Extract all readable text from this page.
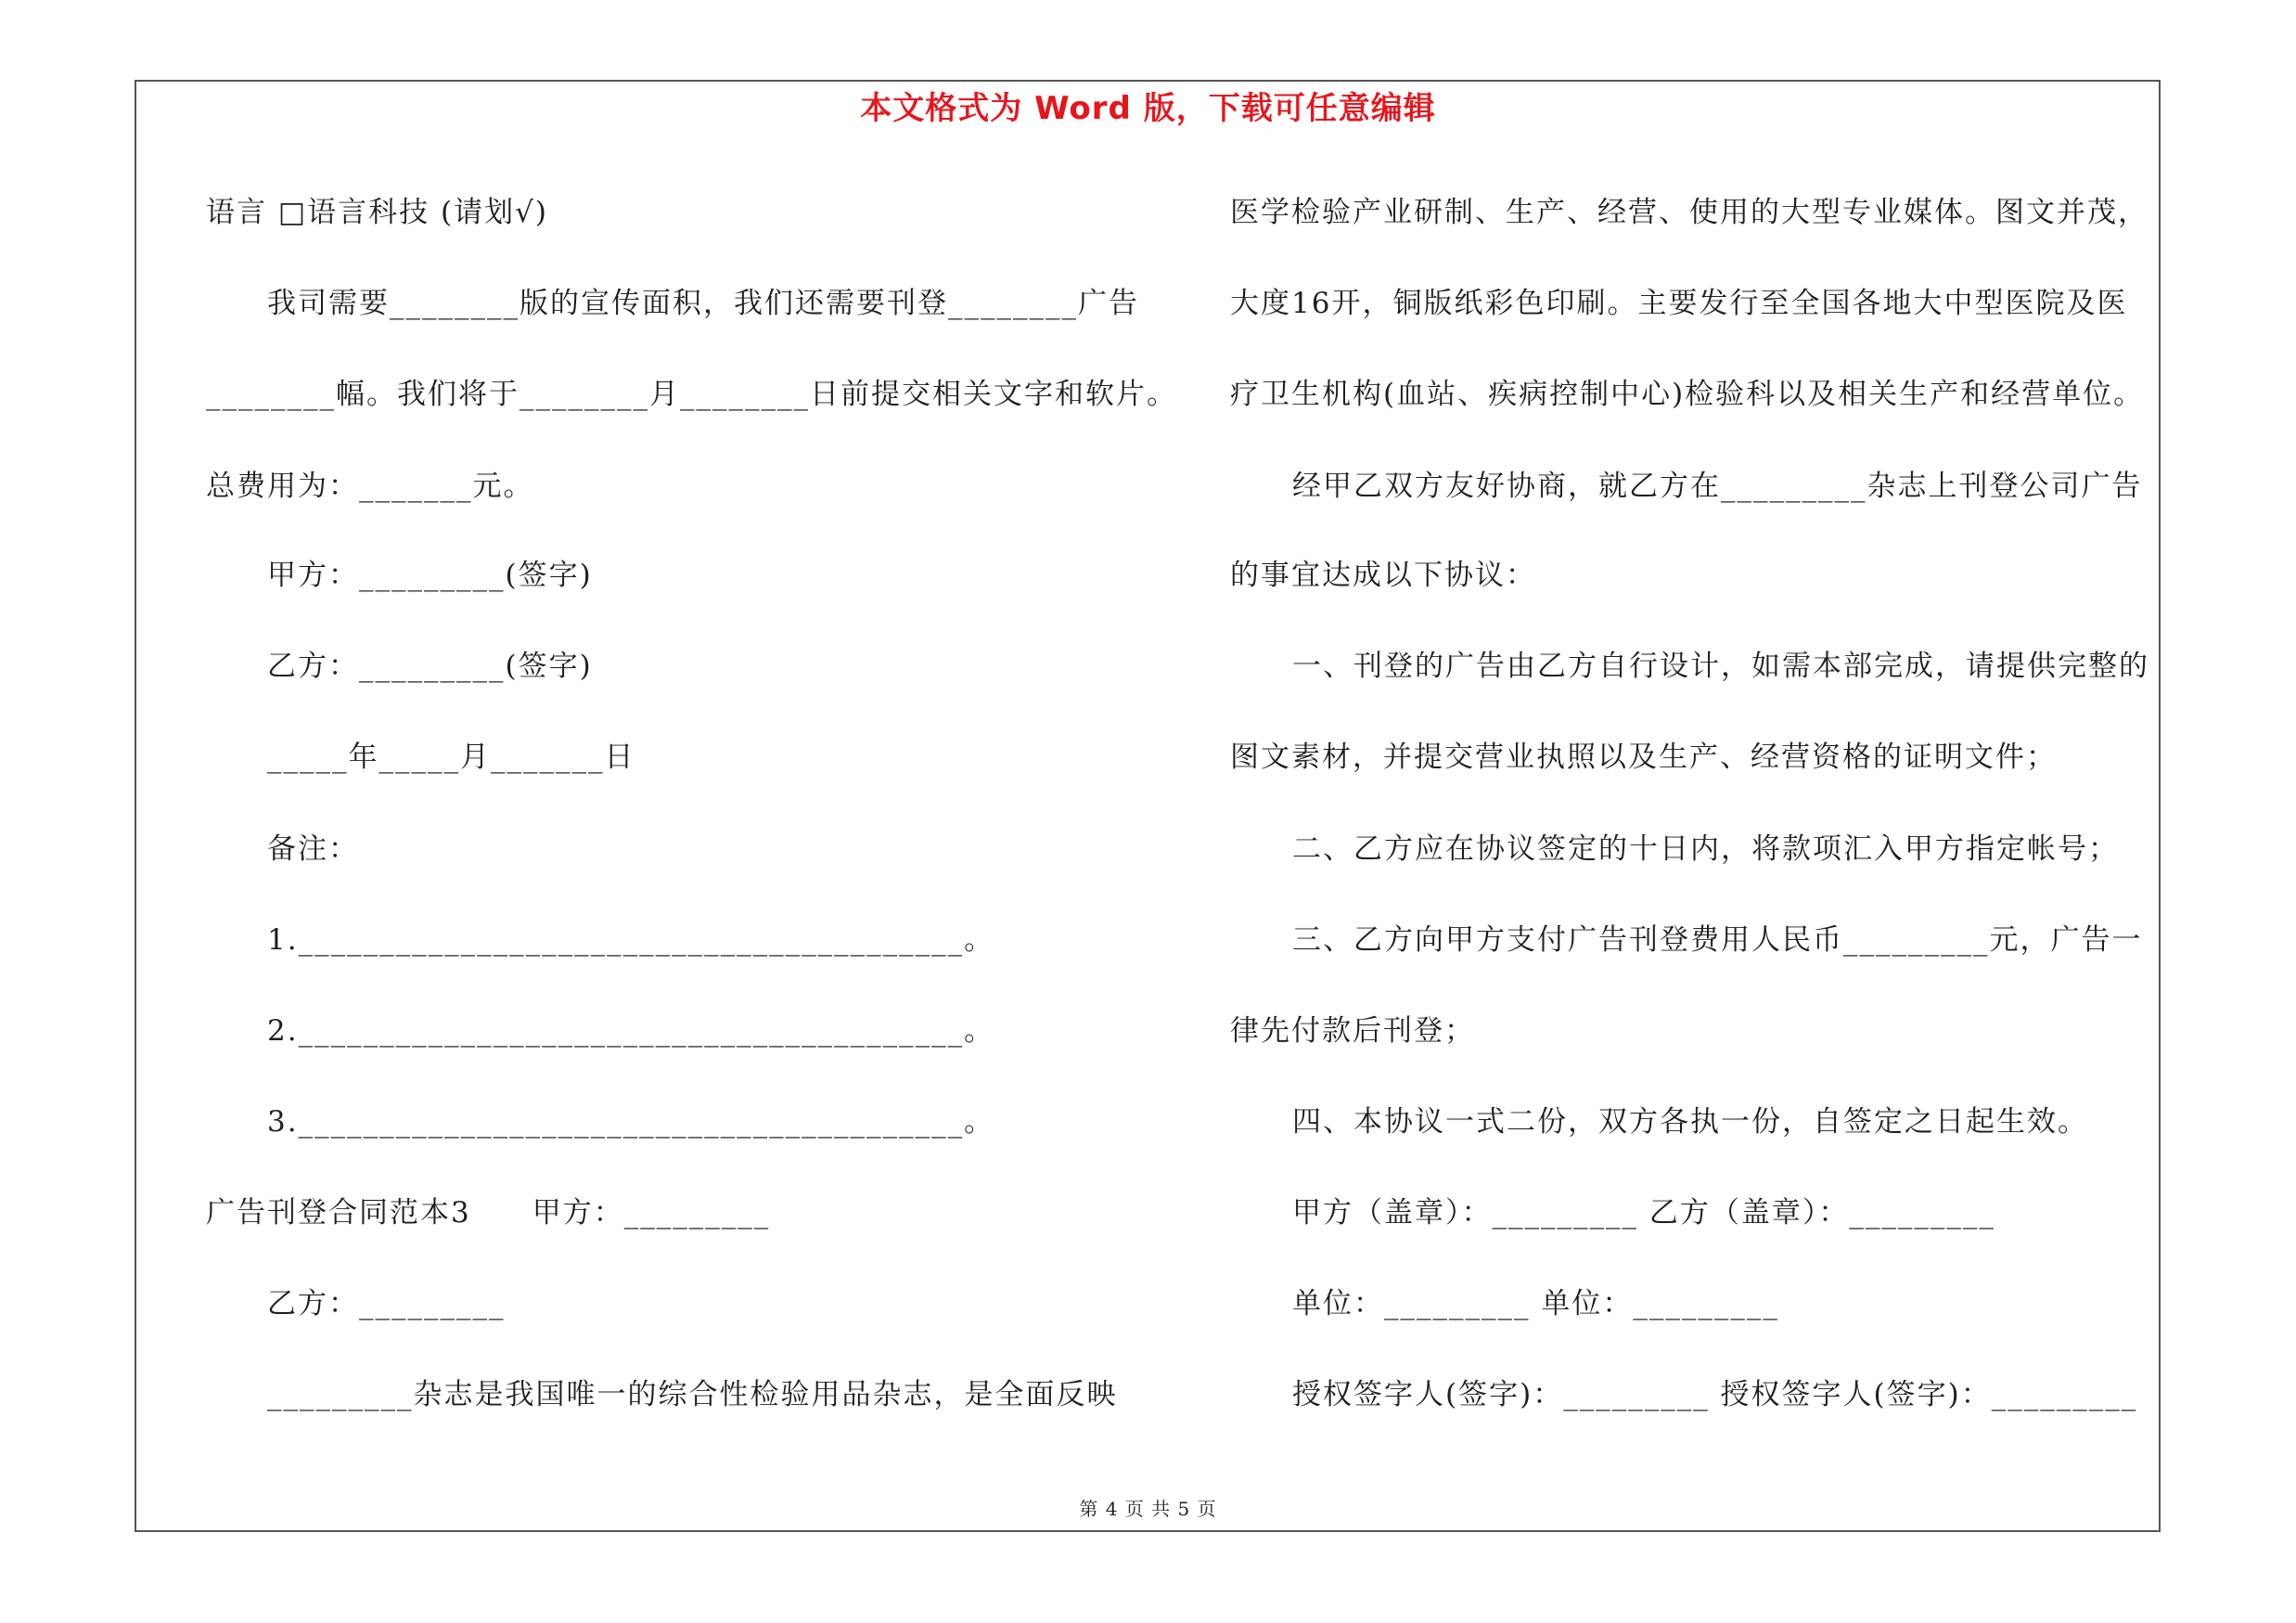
本文格式为 Word 版，下载可任意编辑
语言 □语言科技 (请划√)
我司需要________版的宣传面积，我们还需要刊登________广告
________幅。我们将于________月________日前提交相关文字和软片。
总费用为：_______元。
甲方：_________(签字)
乙方：_________(签字)
_____年_____月_______日
备注：
1._________________________________________。
2._________________________________________。
3._________________________________________。
广告刊登合同范本3　　甲方：_________
乙方：_________
_________杂志是我国唯一的综合性检验用品杂志，是全面反映
医学检验产业研制、生产、经营、使用的大型专业媒体。图文并茂，
大度16开，铜版纸彩色印刷。主要发行至全国各地大中型医院及医
疗卫生机构(血站、疾病控制中心)检验科以及相关生产和经营单位。
经甲乙双方友好协商，就乙方在_________杂志上刊登公司广告
的事宜达成以下协议：
一、刊登的广告由乙方自行设计，如需本部完成，请提供完整的
图文素材，并提交营业执照以及生产、经营资格的证明文件；
二、乙方应在协议签定的十日内，将款项汇入甲方指定帐号；
三、乙方向甲方支付广告刊登费用人民币_________元，广告一
律先付款后刊登；
四、本协议一式二份，双方各执一份，自签定之日起生效。
甲方（盖章）：_________ 乙方（盖章）：_________
单位：_________ 单位：_________
授权签字人(签字)：_________ 授权签字人(签字)：_________
第 4 页 共 5 页
